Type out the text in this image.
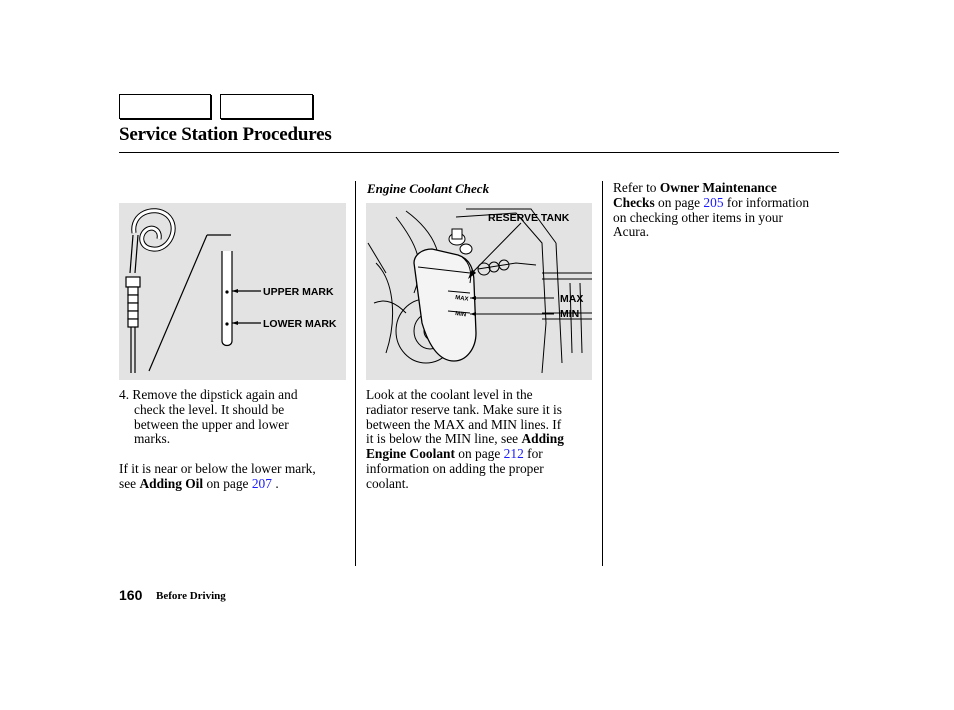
Service Station Procedures
UPPER MARK
LOWER MARK
Engine Coolant Check
MAX
MIN
RESERVE TANK
MAX
MIN
4. Remove the dipstick again and
check the level. It should be
between the upper and lower
marks.
If it is near or below the lower mark,
see Adding Oil on page 207 .
Look at the coolant level in the
radiator reserve tank. Make sure it is
between the MAX and MIN lines. If
it is below the MIN line, see Adding
Engine Coolant on page 212 for
information on adding the proper
coolant.
Refer to Owner Maintenance
Checks on page 205 for information
on checking other items in your
Acura.
160 Before Driving
